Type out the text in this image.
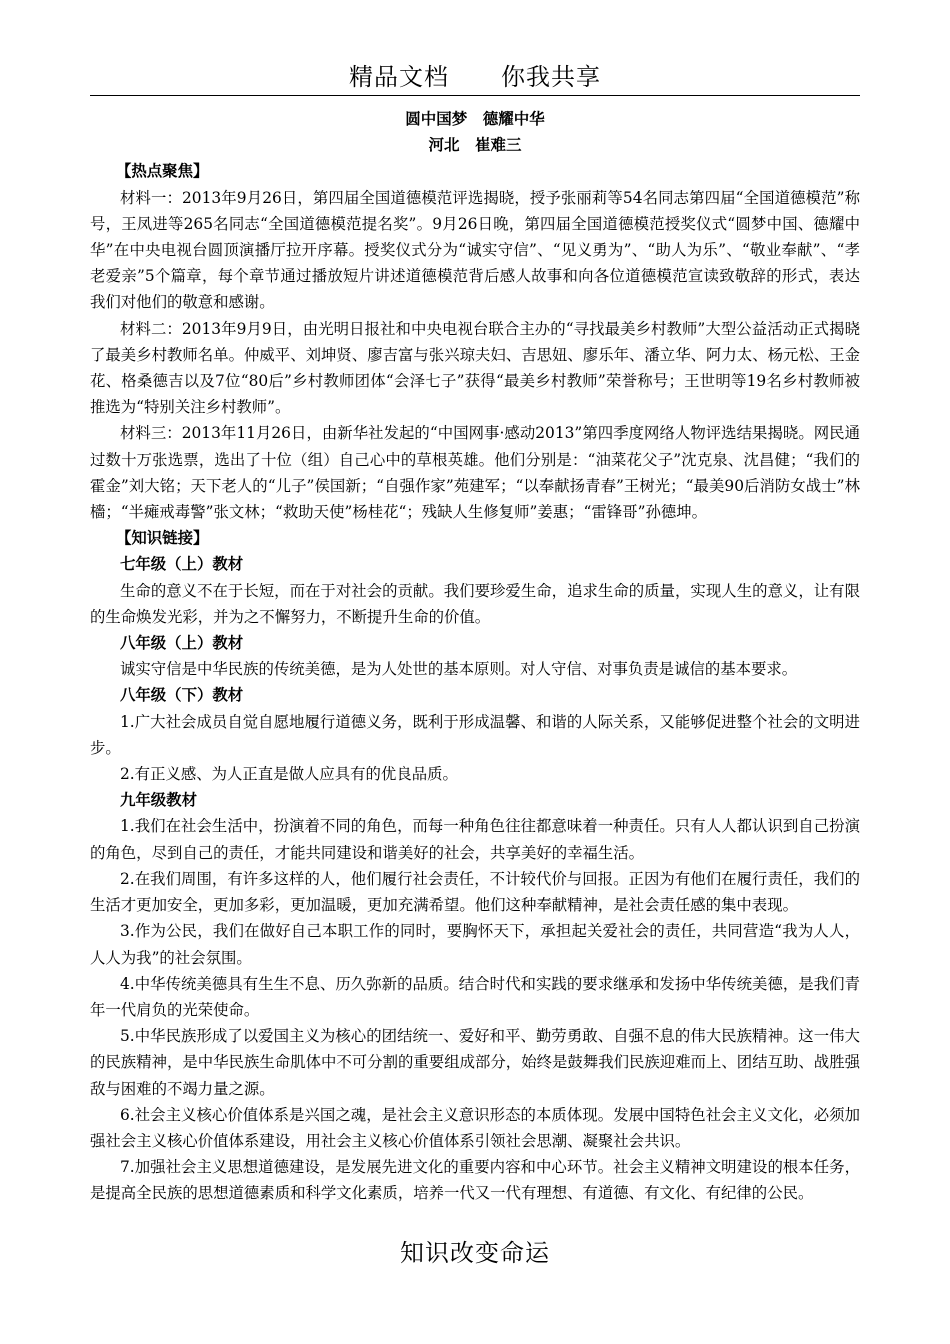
精品文档 你我共享
圆中国梦　德耀中华
河北　崔难三
【热点聚焦】

材料一：2013年9月26日，第四届全国道德模范评选揭晓，授予张丽莉等54名同志第四届“全国道德模范”称号，王凤进等265名同志“全国道德模范提名奖”。9月26日晚，第四届全国道德模范授奖仪式“圆梦中国、德耀中华”在中央电视台圆顶演播厅拉开序幕。授奖仪式分为“诚实守信”、“见义勇为”、“助人为乐”、“敬业奉献”、“孝老爱亲”5个篇章，每个章节通过播放短片讲述道德模范背后感人故事和向各位道德模范宣读致敬辞的形式，表达我们对他们的敬意和感谢。

材料二：2013年9月9日，由光明日报社和中央电视台联合主办的“寻找最美乡村教师”大型公益活动正式揭晓了最美乡村教师名单。仲威平、刘坤贤、廖吉富与张兴琼夫妇、吉思妞、廖乐年、潘立华、阿力太、杨元松、王金花、格桑德吉以及7位“80后”乡村教师团体“会泽七子”获得“最美乡村教师”荣誉称号；王世明等19名乡村教师被推选为“特别关注乡村教师”。

材料三：2013年11月26日，由新华社发起的“中国网事·感动2013”第四季度网络人物评选结果揭晓。网民通过数十万张选票，选出了十位（组）自己心中的草根英雄。他们分别是：“油菜花父子”沈克泉、沈昌健；“我们的霍金”刘大铭；天下老人的“儿子”侯国新；“自强作家”苑建军；“以奉献扬青春”王树光；“最美90后消防女战士”林檣；“半瘫戒毒警”张文林；“救助天使”杨桂花“；残缺人生修复师”姜惠；“雷锋哥”孙德坤。

【知识链接】
七年级（上）教材

生命的意义不在于长短，而在于对社会的贡献。我们要珍爱生命，追求生命的质量，实现人生的意义，让有限的生命焕发光彩，并为之不懈努力，不断提升生命的价值。

八年级（上）教材

诚实守信是中华民族的传统美德，是为人处世的基本原则。对人守信、对事负责是诚信的基本要求。

八年级（下）教材

1.广大社会成员自觉自愿地履行道德义务，既利于形成温馨、和谐的人际关系，又能够促进整个社会的文明进步。

2.有正义感、为人正直是做人应具有的优良品质。

九年级教材

1.我们在社会生活中，扮演着不同的角色，而每一种角色往往都意味着一种责任。只有人人都认识到自己扮演的角色，尽到自己的责任，才能共同建设和谐美好的社会，共享美好的幸福生活。

2.在我们周围，有许多这样的人，他们履行社会责任，不计较代价与回报。正因为有他们在履行责任，我们的生活才更加安全，更加多彩，更加温暖，更加充满希望。他们这种奉献精神，是社会责任感的集中表现。

3.作为公民，我们在做好自己本职工作的同时，要胸怀天下，承担起关爱社会的责任，共同营造“我为人人，人人为我”的社会氛围。

4.中华传统美德具有生生不息、历久弥新的品质。结合时代和实践的要求继承和发扬中华传统美德，是我们青年一代肩负的光荣使命。

5.中华民族形成了以爱国主义为核心的团结统一、爱好和平、勤劳勇敢、自强不息的伟大民族精神。这一伟大的民族精神，是中华民族生命肌体中不可分割的重要组成部分，始终是鼓舞我们民族迎难而上、团结互助、战胜强敌与困难的不竭力量之源。

6.社会主义核心价值体系是兴国之魂，是社会主义意识形态的本质体现。发展中国特色社会主义文化，必须加强社会主义核心价值体系建设，用社会主义核心价值体系引领社会思潮、凝聚社会共识。

7.加强社会主义思想道德建设，是发展先进文化的重要内容和中心环节。社会主义精神文明建设的根本任务，是提高全民族的思想道德素质和科学文化素质，培养一代又一代有理想、有道德、有文化、有纪律的公民。

知识改变命运
